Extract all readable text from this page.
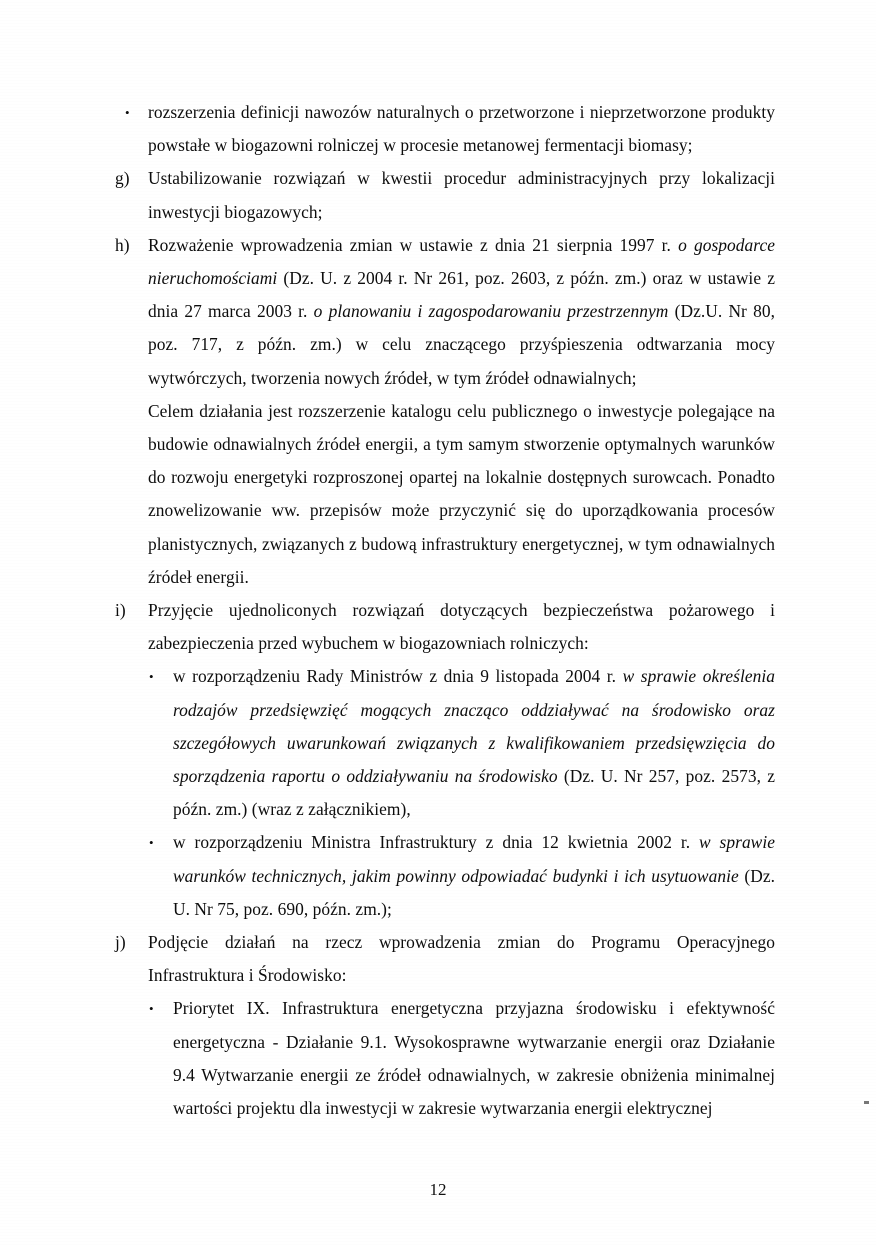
• rozszerzenia definicji nawozów naturalnych o przetworzone i nieprzetworzone produkty powstałe w biogazowni rolniczej w procesie metanowej fermentacji biomasy;

g)	Ustabilizowanie rozwiązań w kwestii procedur administracyjnych przy lokalizacji inwestycji biogazowych;

h)	Rozważenie wprowadzenia zmian w ustawie z dnia 21 sierpnia 1997 r. o gospodarce nieruchomościami (Dz. U. z 2004 r. Nr 261, poz. 2603, z późn. zm.) oraz w ustawie z dnia 27 marca 2003 r. o planowaniu i zagospodarowaniu przestrzennym (Dz.U. Nr 80, poz. 717, z późn. zm.) w celu znaczącego przyśpieszenia odtwarzania mocy wytwórczych, tworzenia nowych źródeł, w tym źródeł odnawialnych;

Celem działania jest rozszerzenie katalogu celu publicznego o inwestycje polegające na budowie odnawialnych źródeł energii, a tym samym stworzenie optymalnych warunków do rozwoju energetyki rozproszonej opartej na lokalnie dostępnych surowcach. Ponadto znowelizowanie ww. przepisów może przyczynić się do uporządkowania procesów planistycznych, związanych z budową infrastruktury energetycznej, w tym odnawialnych źródeł energii.

i)	Przyjęcie ujednoliconych rozwiązań dotyczących bezpieczeństwa pożarowego i zabezpieczenia przed wybuchem w biogazowniach rolniczych:

• w rozporządzeniu Rady Ministrów z dnia 9 listopada 2004 r. w sprawie określenia rodzajów przedsięwzięć mogących znacząco oddziaływać na środowisko oraz szczegółowych uwarunkowań związanych z kwalifikowaniem przedsięwzięcia do sporządzenia raportu o oddziaływaniu na środowisko (Dz. U. Nr 257, poz. 2573, z późn. zm.) (wraz z załącznikiem),

• w rozporządzeniu Ministra Infrastruktury z dnia 12 kwietnia 2002 r. w sprawie warunków technicznych, jakim powinny odpowiadać budynki i ich usytuowanie (Dz. U. Nr 75, poz. 690, późn. zm.);

j)	Podjęcie działań na rzecz wprowadzenia zmian do Programu Operacyjnego Infrastruktura i Środowisko:

• Priorytet IX. Infrastruktura energetyczna przyjazna środowisku i efektywność energetyczna - Działanie 9.1. Wysokosprawne wytwarzanie energii oraz Działanie 9.4 Wytwarzanie energii ze źródeł odnawialnych, w zakresie obniżenia minimalnej wartości projektu dla inwestycji w zakresie wytwarzania energii elektrycznej

12
